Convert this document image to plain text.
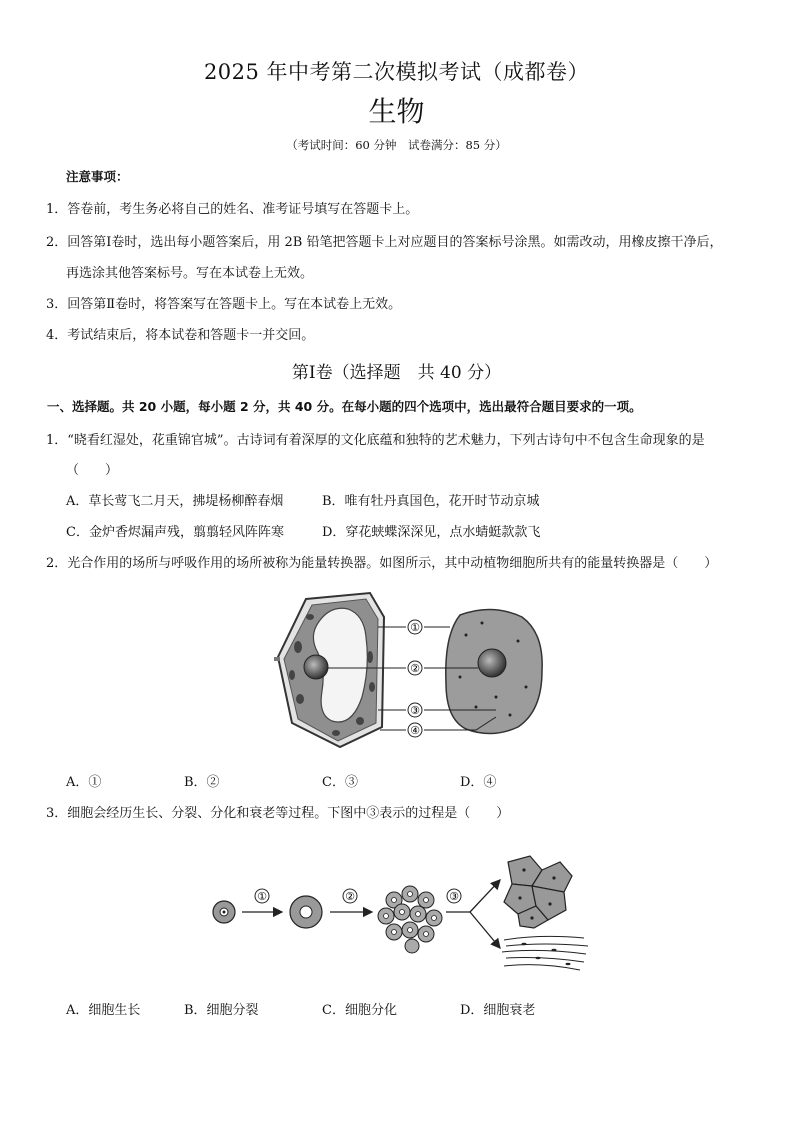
2025 年中考第二次模拟考试（成都卷）
生物
（考试时间：60 分钟　试卷满分：85 分）
注意事项：
1．答卷前，考生务必将自己的姓名、准考证号填写在答题卡上。
2．回答第Ⅰ卷时，选出每小题答案后，用 2B 铅笔把答题卡上对应题目的答案标号涂黑。如需改动，用橡皮擦干净后，
再选涂其他答案标号。写在本试卷上无效。
3．回答第Ⅱ卷时，将答案写在答题卡上。写在本试卷上无效。
4．考试结束后，将本试卷和答题卡一并交回。
第Ⅰ卷（选择题　共 40 分）
一、选择题。共 20 小题，每小题 2 分，共 40 分。在每小题的四个选项中，选出最符合题目要求的一项。
1．“晓看红湿处，花重锦官城”。古诗词有着深厚的文化底蕴和独特的艺术魅力，下列古诗句中不包含生命现象的是
（　　）
A．草长莺飞二月天，拂堤杨柳醉春烟	B．唯有牡丹真国色，花开时节动京城
C．金炉香烬漏声残，翦翦轻风阵阵寒	D．穿花蛱蝶深深见，点水蜻蜓款款飞
2．光合作用的场所与呼吸作用的场所被称为能量转换器。如图所示，其中动植物细胞所共有的能量转换器是（　　）
①
②
③
④
A．①	B．②	C．③	D．④
3．细胞会经历生长、分裂、分化和衰老等过程。下图中③表示的过程是（　　）
①	②	③
A．细胞生长	B．细胞分裂	C．细胞分化	D．细胞衰老
